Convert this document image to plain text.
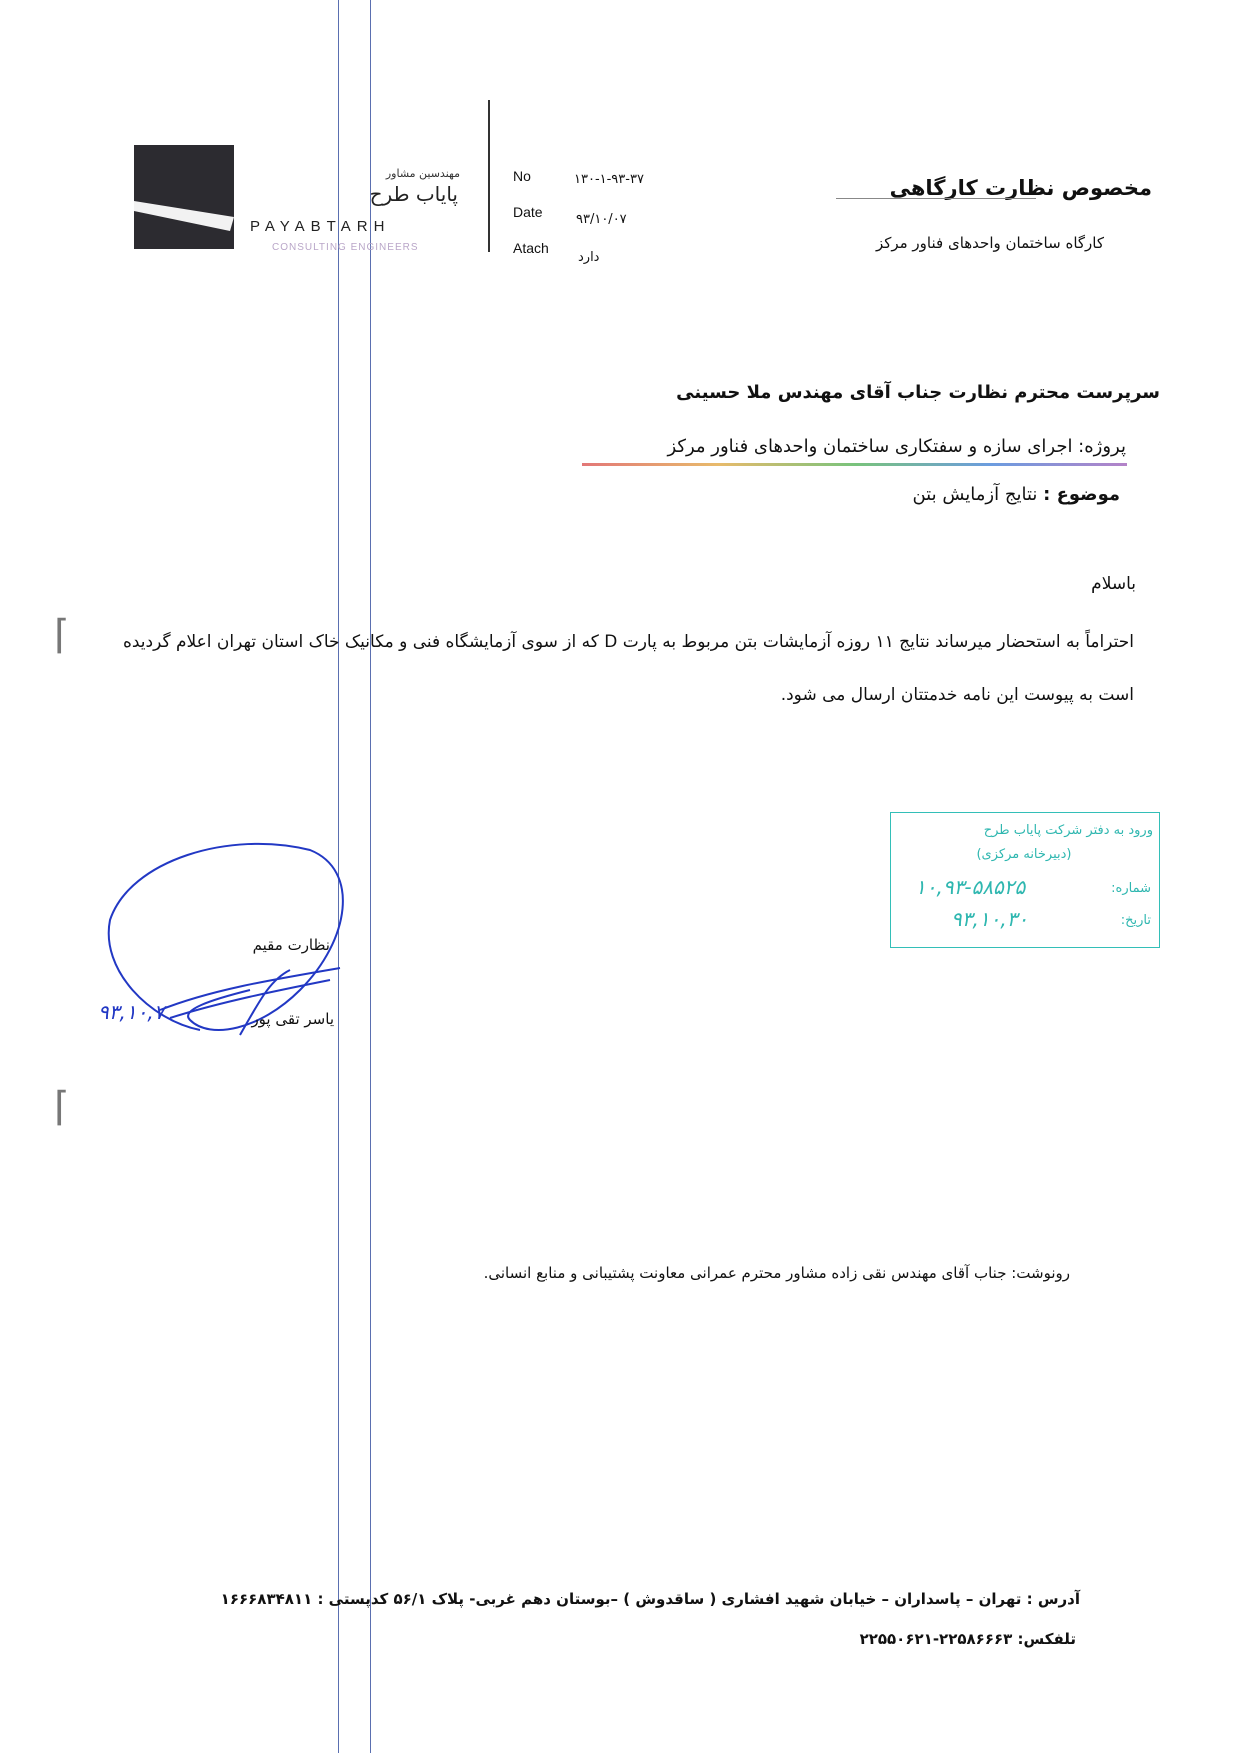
مهندسین مشاور
پایاب طرح
PAYABTARH
CONSULTING ENGINEERS
No	۱۳۰-۱-۹۳-۳۷
Date	۹۳/۱۰/۰۷
Atach
دارد
مخصوص نظارت کارگاهی
کارگاه ساختمان واحدهای فناور مرکز
سرپرست محترم نظارت جناب آقای مهندس ملا حسینی
پروژه: اجرای سازه و سفتکاری ساختمان واحدهای فناور مرکز
موضوع : نتایج آزمایش بتن
باسلام
احتراماً به استحضار میرساند نتایج ۱۱ روزه آزمایشات بتن مربوط به پارت D که از سوی آزمایشگاه فنی و مکانیک خاک استان تهران اعلام گردیده است به پیوست این نامه خدمتتان ارسال می شود.
⌈
⌈
ورود به دفتر شرکت پایاب طرح
(دبیرخانه مرکزی)
شماره:
۱۰,۹۳-۵۸۵۲۵
تاریخ:
۹۳,۱۰,۳۰
نظارت مقیم
یاسر تقی پور
۹۳,۱۰,۷
رونوشت: جناب آقای مهندس نقی زاده مشاور محترم عمرانی معاونت پشتیبانی و منابع انسانی.
آدرس : تهران – پاسداران – خیابان شهید افشاری ( ساقدوش ) –بوستان دهم غربی- پلاک ۵۶/۱ کدپستی : ۱۶۶۶۸۳۴۸۱۱
تلفکس: ۲۲۵۸۶۶۶۳-۲۲۵۵۰۶۲۱
